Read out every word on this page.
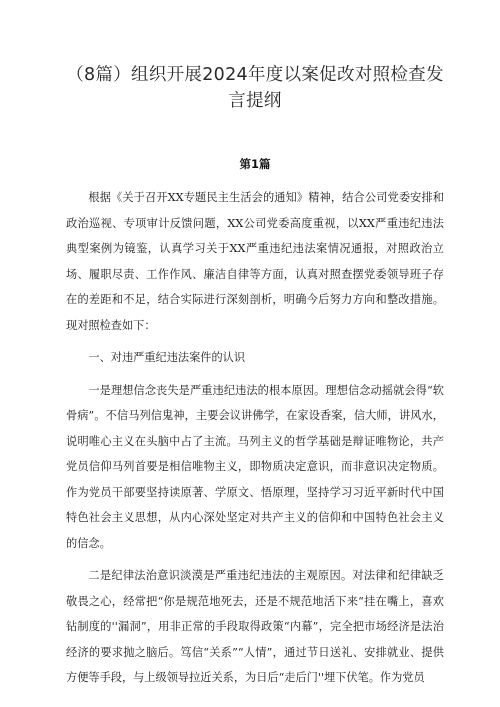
（8篇）组织开展2024年度以案促改对照检查发言提纲
第1篇

根据《关于召开XX专题民主生活会的通知》精神，结合公司党委安排和政治巡视、专项审计反馈问题，XX公司党委高度重视，以XX严重违纪违法典型案例为镜鉴，认真学习关于XX严重违纪违法案情况通报，对照政治立场、履职尽责、工作作风、廉洁自律等方面，认真对照查摆党委领导班子存在的差距和不足，结合实际进行深刻剖析，明确今后努力方向和整改措施。现对照检查如下：

一、对违严重纪违法案件的认识

一是理想信念丧失是严重违纪违法的根本原因。理想信念动摇就会得“软骨病”。不信马列信鬼神，主要会议讲佛学，在家设香案，信大师，讲风水，说明唯心主义在头脑中占了主流。马列主义的哲学基础是辩证唯物论，共产党员信仰马列首要是相信唯物主义，即物质决定意识，而非意识决定物质。作为党员干部要坚持读原著、学原文、悟原理，坚持学习习近平新时代中国特色社会主义思想，从内心深处坚定对共产主义的信仰和中国特色社会主义的信念。

二是纪律法治意识淡漠是严重违纪违法的主观原因。对法律和纪律缺乏敬畏之心，经常把“你是规范地死去，还是不规范地活下来“挂在嘴上，喜欢钻制度的''漏洞”，用非正常的手段取得政策“内幕”，完全把市场经济是法治经济的要求抛之脑后。笃信“关系”“人情”，通过节日送礼、安排就业、提供方便等手段，与上级领导拉近关系，为日后“走后门''埋下伏笔。作为党员
